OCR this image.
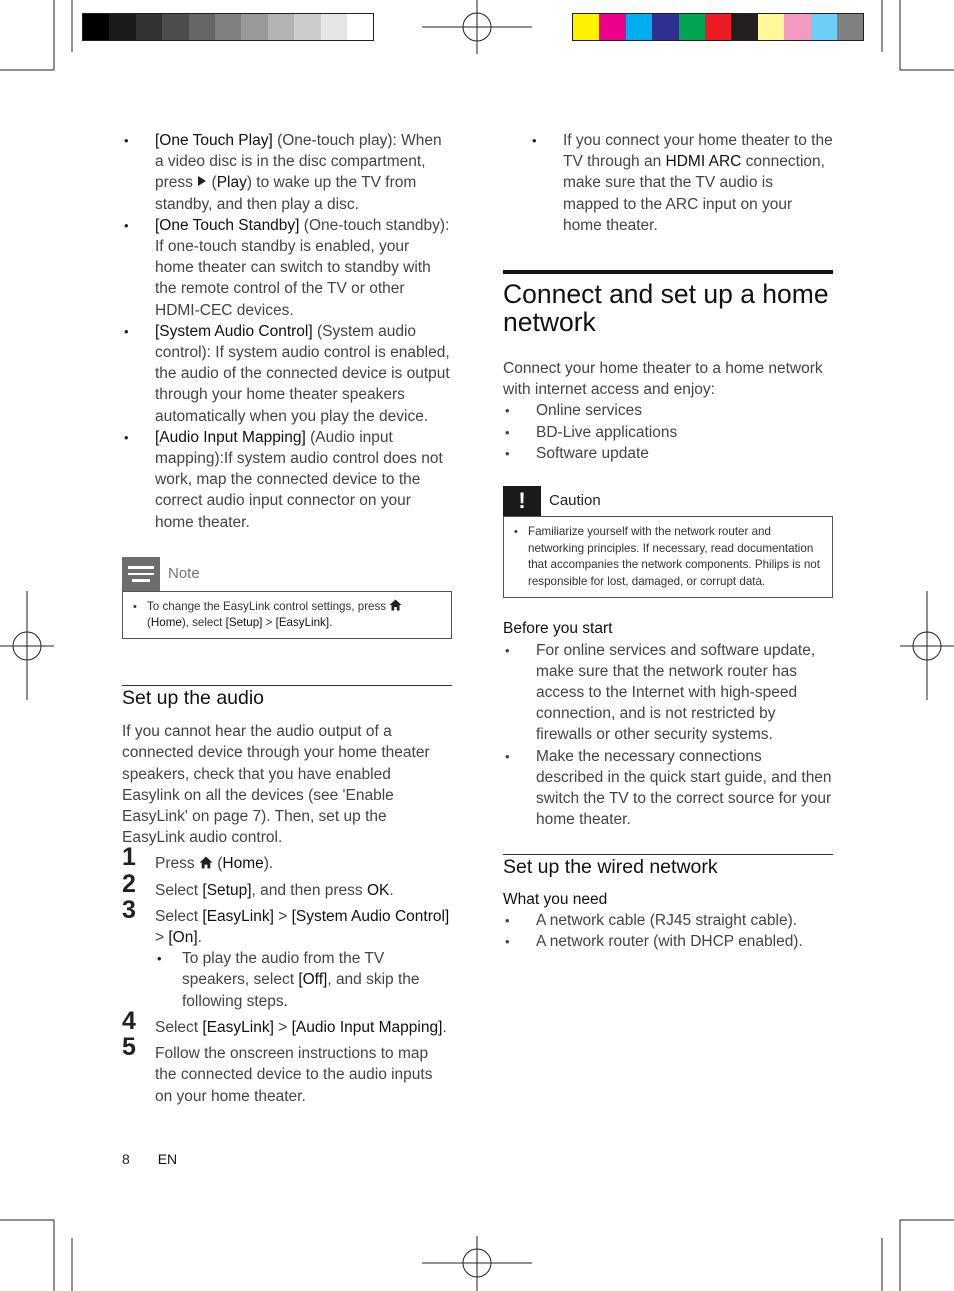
• [One Touch Play] (One-touch play): When a video disc is in the disc compartment, press  (Play) to wake up the TV from standby, and then play a disc.
• [One Touch Standby] (One-touch standby): If one-touch standby is enabled, your home theater can switch to standby with the remote control of the TV or other HDMI-CEC devices.
• [System Audio Control] (System audio control): If system audio control is enabled, the audio of the connected device is output through your home theater speakers automatically when you play the device.
• [Audio Input Mapping] (Audio input mapping):If system audio control does not work, map the connected device to the correct audio input connector on your home theater.
Note
• To change the EasyLink control settings, press
(Home), select [Setup] > [EasyLink].
Set up the audio

If you cannot hear the audio output of a connected device through your home theater speakers, check that you have enabled Easylink on all the devices (see 'Enable EasyLink' on page 7). Then, set up the EasyLink audio control.

1 Press  (Home).
2 Select [Setup], and then press OK.
3 Select [EasyLink] > [System Audio Control] > [On].
• To play the audio from the TV speakers, select [Off], and skip the following steps.
4 Select [EasyLink] > [Audio Input Mapping].
5 Follow the onscreen instructions to map the connected device to the audio inputs on your home theater.
8 EN
• If you connect your home theater to the TV through an HDMI ARC connection, make sure that the TV audio is mapped to the ARC input on your home theater.
Connect and set up a home network

Connect your home theater to a home network with internet access and enjoy:

• Online services
• BD-Live applications
• Software update
!	Caution
• Familiarize yourself with the network router and networking principles. If necessary, read documentation that accompanies the network components. Philips is not responsible for lost, damaged, or corrupt data.

Before you start

• For online services and software update, make sure that the network router has access to the Internet with high-speed connection, and is not restricted by firewalls or other security systems.
• Make the necessary connections described in the quick start guide, and then switch the TV to the correct source for your home theater.
Set up the wired network

What you need

• A network cable (RJ45 straight cable).
• A network router (with DHCP enabled).
